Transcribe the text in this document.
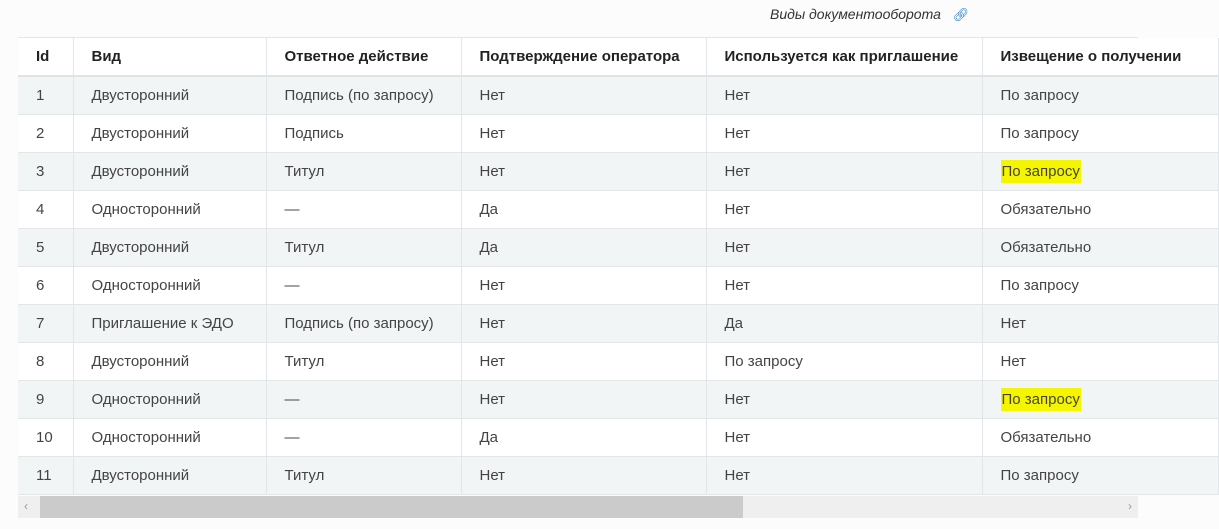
Виды документооборота 🔗︎
Id	Вид	Ответное действие	Подтверждение оператора	Используется как приглашение	Извещение о получении
1	Двусторонний	Подпись (по запросу)	Нет	Нет	По запросу
2	Двусторонний	Подпись	Нет	Нет	По запросу
3	Двусторонний	Титул	Нет	Нет	По запросу
4	Односторонний	—	Да	Нет	Обязательно
5	Двусторонний	Титул	Да	Нет	Обязательно
6	Односторонний	—	Нет	Нет	По запросу
7	Приглашение к ЭДО	Подпись (по запросу)	Нет	Да	Нет
8	Двусторонний	Титул	Нет	По запросу	Нет
9	Односторонний	—	Нет	Нет	По запросу
10	Односторонний	—	Да	Нет	Обязательно
11	Двусторонний	Титул	Нет	Нет	По запросу
‹	›
